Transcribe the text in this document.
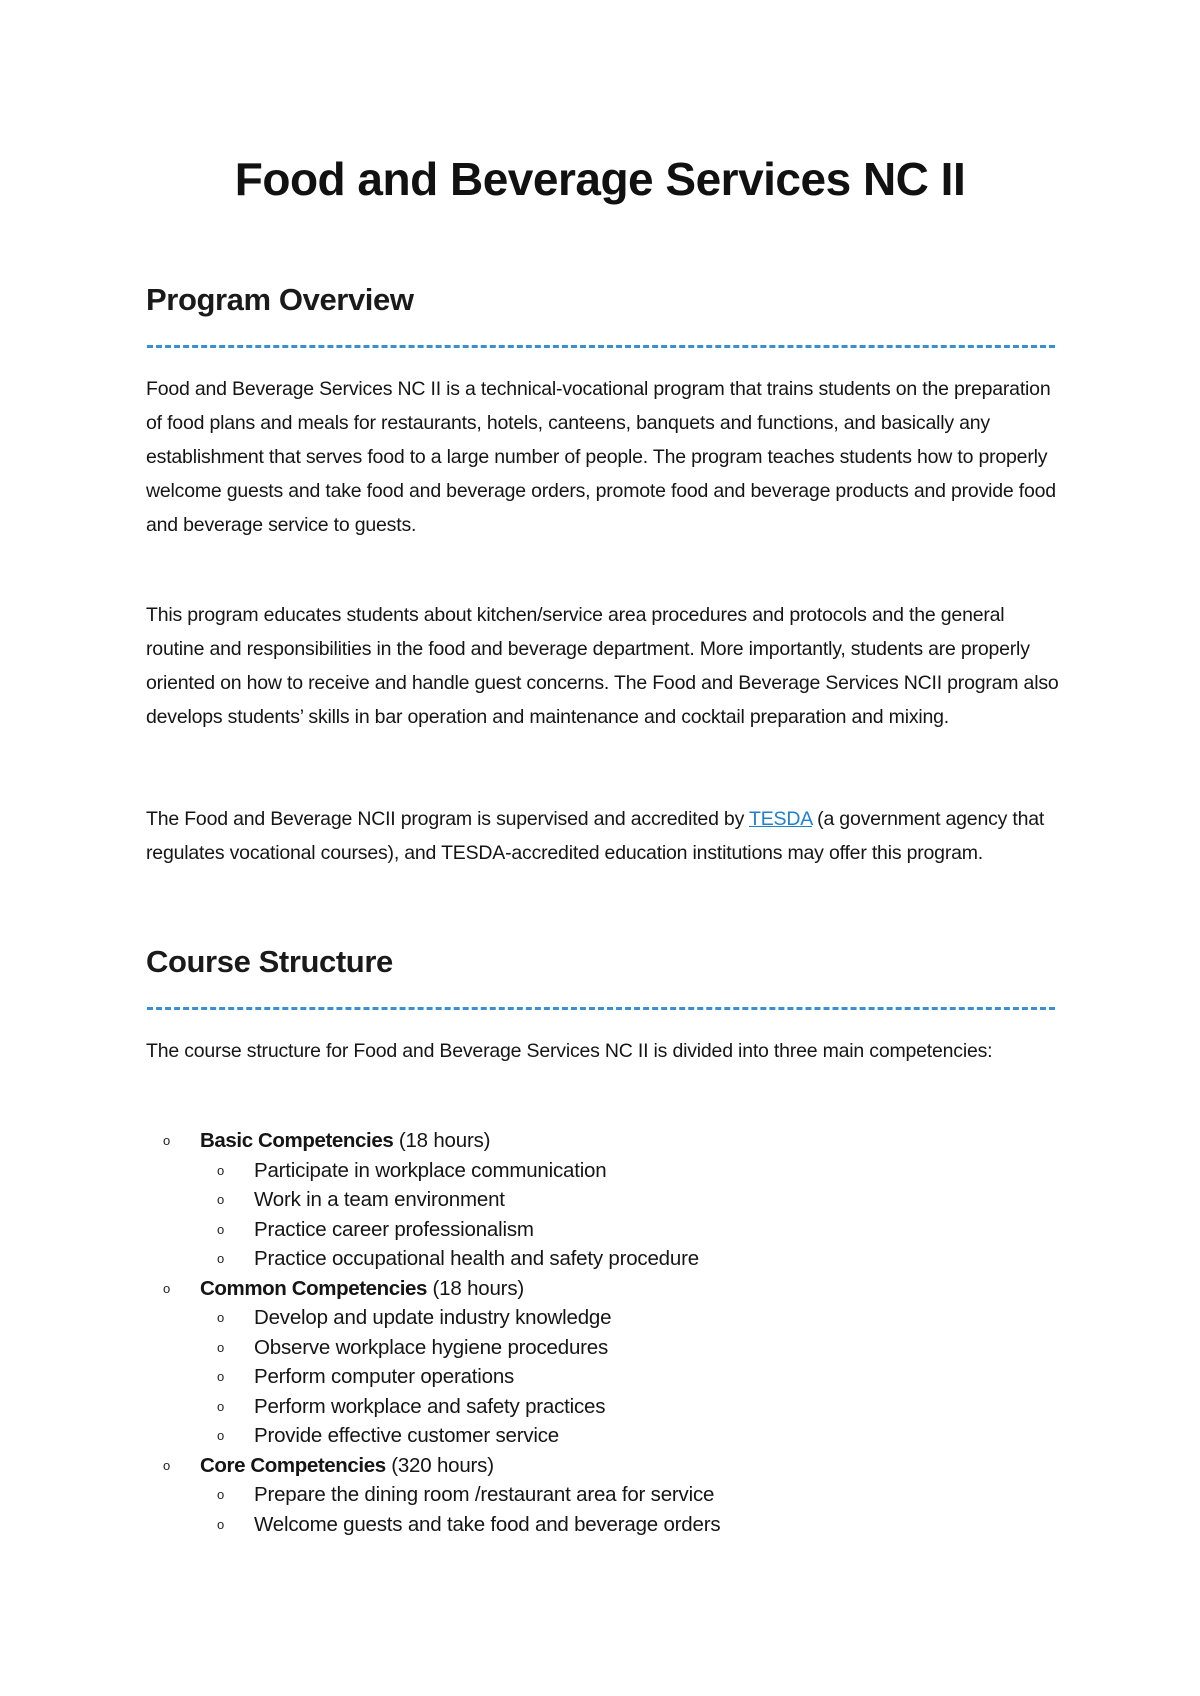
Food and Beverage Services NC II
Program Overview

Food and Beverage Services NC II is a technical-vocational program that trains students on the preparation of food plans and meals for restaurants, hotels, canteens, banquets and functions, and basically any establishment that serves food to a large number of people. The program teaches students how to properly welcome guests and take food and beverage orders, promote food and beverage products and provide food and beverage service to guests.

This program educates students about kitchen/service area procedures and protocols and the general routine and responsibilities in the food and beverage department. More importantly, students are properly oriented on how to receive and handle guest concerns. The Food and Beverage Services NCII program also develops students’ skills in bar operation and maintenance and cocktail preparation and mixing.

The Food and Beverage NCII program is supervised and accredited by TESDA (a government agency that regulates vocational courses), and TESDA-accredited education institutions may offer this program.

Course Structure

The course structure for Food and Beverage Services NC II is divided into three main competencies:

o Basic Competencies (18 hours)
o Participate in workplace communication
o Work in a team environment
o Practice career professionalism
o Practice occupational health and safety procedure
o Common Competencies (18 hours)
o Develop and update industry knowledge
o Observe workplace hygiene procedures
o Perform computer operations
o Perform workplace and safety practices
o Provide effective customer service
o Core Competencies (320 hours)
o Prepare the dining room /restaurant area for service
o Welcome guests and take food and beverage orders
